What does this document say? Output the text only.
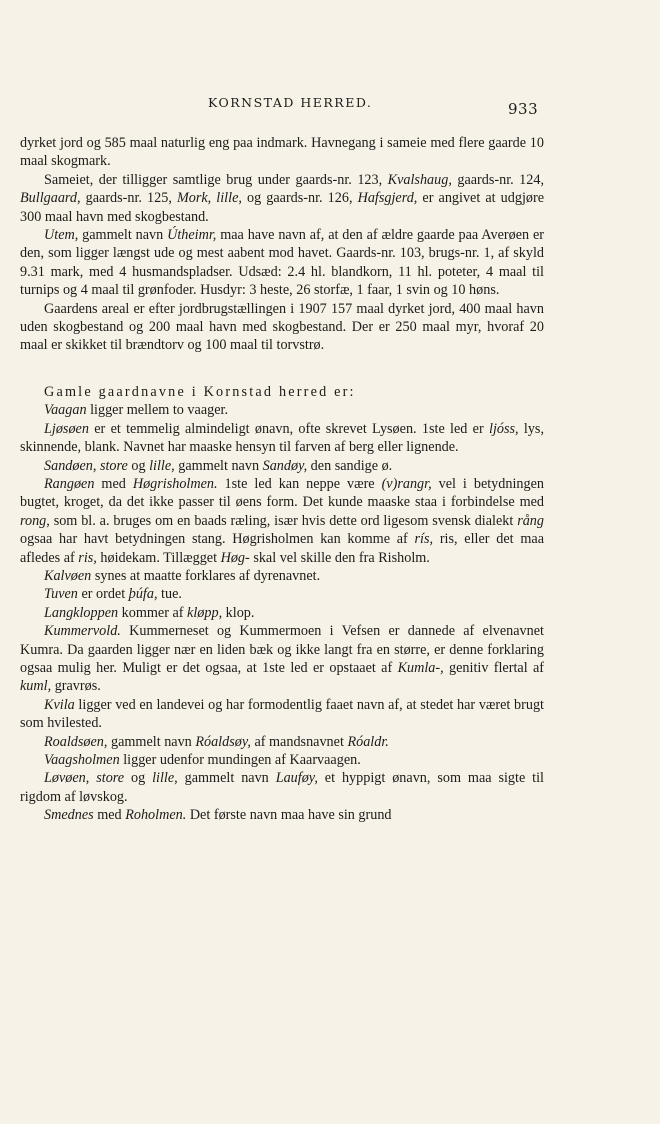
KORNSTAD HERRED.	933

dyrket jord og 585 maal naturlig eng paa indmark. Havnegang i sameie med flere gaarde 10 maal skogmark.

Sameiet, der tilligger samtlige brug under gaards-nr. 123, Kvalshaug, gaards-nr. 124, Bullgaard, gaards-nr. 125, Mork, lille, og gaards-nr. 126, Hafsgjerd, er angivet at udgjøre 300 maal havn med skogbestand.

Utem, gammelt navn Útheimr, maa have navn af, at den af ældre gaarde paa Averøen er den, som ligger længst ude og mest aabent mod havet. Gaards-nr. 103, brugs-nr. 1, af skyld 9.31 mark, med 4 husmandspladser. Udsæd: 2.4 hl. blandkorn, 11 hl. poteter, 4 maal til turnips og 4 maal til grønfoder. Husdyr: 3 heste, 26 storfæ, 1 faar, 1 svin og 10 høns.

Gaardens areal er efter jordbrugstællingen i 1907 157 maal dyrket jord, 400 maal havn uden skogbestand og 200 maal havn med skogbestand. Der er 250 maal myr, hvoraf 20 maal er skikket til brændtorv og 100 maal til torvstrø.

Gamle gaardnavne i Kornstad herred er:

Vaagan ligger mellem to vaager.

Ljøsøen er et temmelig almindeligt ønavn, ofte skrevet Lysøen. 1ste led er ljóss, lys, skinnende, blank. Navnet har maaske hensyn til farven af berg eller lignende.

Sandøen, store og lille, gammelt navn Sandøy, den sandige ø.

Rangøen med Høgrisholmen. 1ste led kan neppe være (v)rangr, vel i betydningen bugtet, kroget, da det ikke passer til øens form. Det kunde maaske staa i forbindelse med rong, som bl. a. bruges om en baads ræling, især hvis dette ord ligesom svensk dialekt rång ogsaa har havt betydningen stang. Høgrisholmen kan komme af rís, ris, eller det maa afledes af ris, høidekam. Tillægget Høg- skal vel skille den fra Risholm.

Kalvøen synes at maatte forklares af dyrenavnet.

Tuven er ordet þúfa, tue.

Langkloppen kommer af kløpp, klop.

Kummervold. Kummerneset og Kummermoen i Vefsen er dannede af elvenavnet Kumra. Da gaarden ligger nær en liden bæk og ikke langt fra en større, er denne forklaring ogsaa mulig her. Muligt er det ogsaa, at 1ste led er opstaaet af Kumla-, genitiv flertal af kuml, gravrøs.

Kvila ligger ved en landevei og har formodentlig faaet navn af, at stedet har været brugt som hvilested.

Roaldsøen, gammelt navn Róaldsøy, af mandsnavnet Róaldr.

Vaagsholmen ligger udenfor mundingen af Kaarvaagen.

Løvøen, store og lille, gammelt navn Lauføy, et hyppigt ønavn, som maa sigte til rigdom af løvskog.

Smednes med Roholmen. Det første navn maa have sin grund
